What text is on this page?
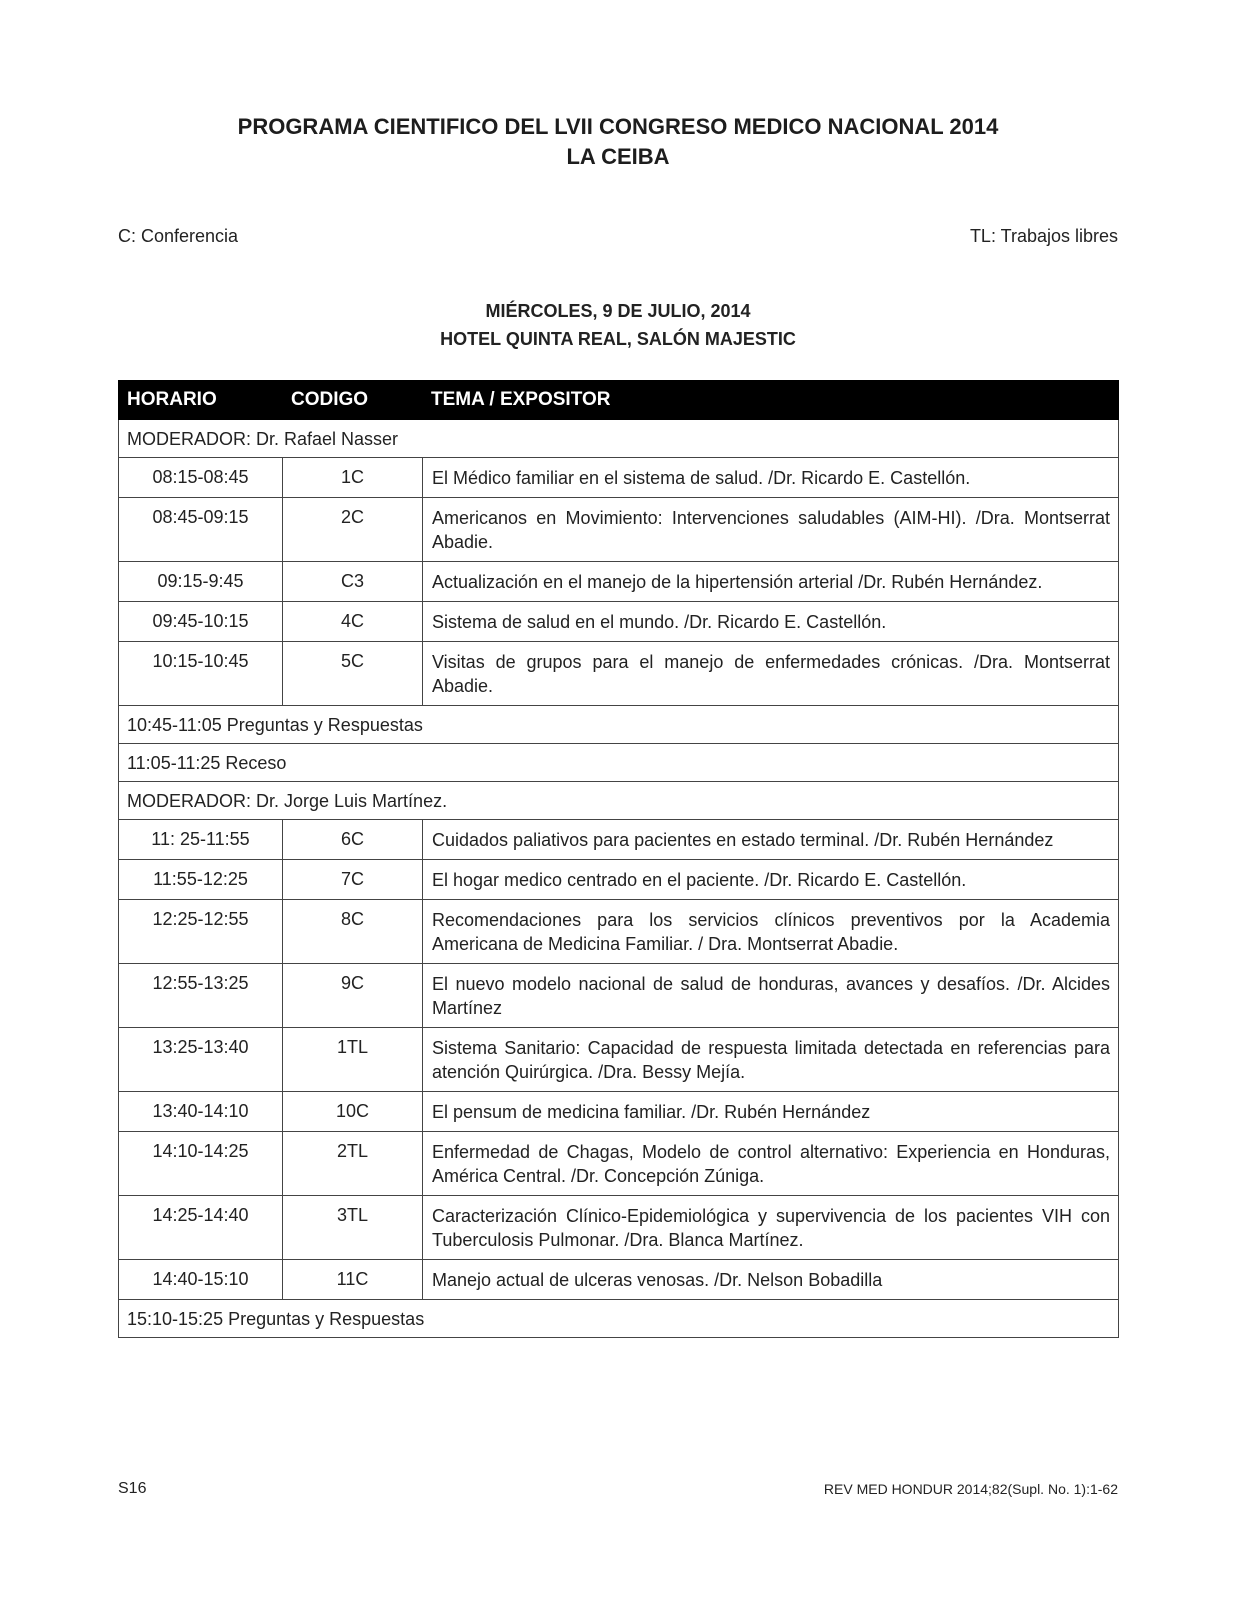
PROGRAMA CIENTIFICO DEL LVII CONGRESO MEDICO NACIONAL 2014
LA CEIBA
C: Conferencia	TL: Trabajos libres
MIÉRCOLES, 9 DE JULIO, 2014
HOTEL QUINTA REAL, SALÓN MAJESTIC
HORARIO	CODIGO	TEMA / EXPOSITOR
MODERADOR: Dr. Rafael Nasser		
08:15-08:45	1C	El Médico familiar en el sistema de salud. /Dr. Ricardo E. Castellón.
08:45-09:15	2C	Americanos en Movimiento: Intervenciones saludables (AIM-HI). /Dra. Montserrat Abadie.
09:15-9:45	C3	Actualización en el manejo de la hipertensión arterial /Dr. Rubén Hernández.
09:45-10:15	4C	Sistema de salud en el mundo. /Dr. Ricardo E. Castellón.
10:15-10:45	5C	Visitas de grupos para el manejo de enfermedades crónicas. /Dra. Montserrat Abadie.
10:45-11:05 Preguntas y Respuestas		
11:05-11:25 Receso		
MODERADOR: Dr. Jorge Luis Martínez.		
11: 25-11:55	6C	Cuidados paliativos para pacientes en estado terminal. /Dr. Rubén Hernández
11:55-12:25	7C	El hogar medico centrado en el paciente. /Dr. Ricardo E. Castellón.
12:25-12:55	8C	Recomendaciones para los servicios clínicos preventivos por la Academia Americana de Medicina Familiar. / Dra. Montserrat Abadie.
12:55-13:25	9C	El nuevo modelo nacional de salud de honduras, avances y desafíos. /Dr. Alcides Martínez
13:25-13:40	1TL	Sistema Sanitario: Capacidad de respuesta limitada detectada en referencias para atención Quirúrgica. /Dra. Bessy Mejía.
13:40-14:10	10C	El pensum de medicina familiar. /Dr. Rubén Hernández
14:10-14:25	2TL	Enfermedad de Chagas, Modelo de control alternativo: Experiencia en Honduras, América Central. /Dr. Concepción Zúniga.
14:25-14:40	3TL	Caracterización Clínico-Epidemiológica y supervivencia de los pacientes VIH con Tuberculosis Pulmonar. /Dra. Blanca Martínez.
14:40-15:10	11C	Manejo actual de ulceras venosas. /Dr. Nelson Bobadilla
15:10-15:25 Preguntas y Respuestas		
S16	REV MED HONDUR 2014;82(Supl. No. 1):1-62
